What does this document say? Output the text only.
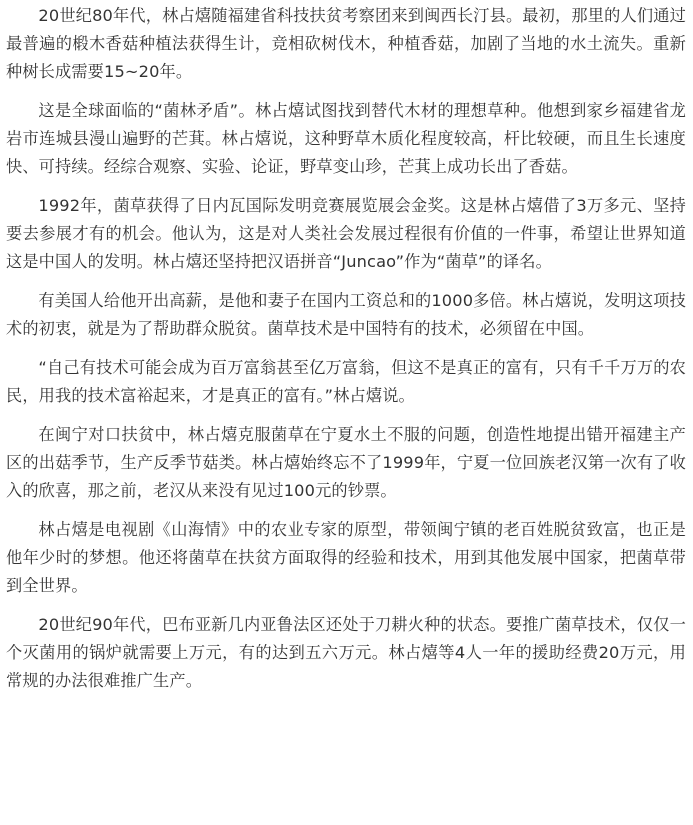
20世纪80年代，林占熺随福建省科技扶贫考察团来到闽西长汀县。最初，那里的人们通过最普遍的椴木香菇种植法获得生计，竞相砍树伐木，种植香菇，加剧了当地的水土流失。重新种树长成需要15~20年。

这是全球面临的“菌林矛盾”。林占熺试图找到替代木材的理想草种。他想到家乡福建省龙岩市连城县漫山遍野的芒萁。林占熺说，这种野草木质化程度较高，杆比较硬，而且生长速度快、可持续。经综合观察、实验、论证，野草变山珍，芒萁上成功长出了香菇。

1992年，菌草获得了日内瓦国际发明竞赛展览展会金奖。这是林占熺借了3万多元、坚持要去参展才有的机会。他认为，这是对人类社会发展过程很有价值的一件事，希望让世界知道这是中国人的发明。林占熺还坚持把汉语拼音“Juncao”作为“菌草”的译名。

有美国人给他开出高薪，是他和妻子在国内工资总和的1000多倍。林占熺说，发明这项技术的初衷，就是为了帮助群众脱贫。菌草技术是中国特有的技术，必须留在中国。

“自己有技术可能会成为百万富翁甚至亿万富翁，但这不是真正的富有，只有千千万万的农民，用我的技术富裕起来，才是真正的富有。”林占熺说。

在闽宁对口扶贫中，林占熺克服菌草在宁夏水土不服的问题，创造性地提出错开福建主产区的出菇季节，生产反季节菇类。林占熺始终忘不了1999年，宁夏一位回族老汉第一次有了收入的欣喜，那之前，老汉从来没有见过100元的钞票。

林占熺是电视剧《山海情》中的农业专家的原型，带领闽宁镇的老百姓脱贫致富，也正是他年少时的梦想。他还将菌草在扶贫方面取得的经验和技术，用到其他发展中国家，把菌草带到全世界。

20世纪90年代，巴布亚新几内亚鲁法区还处于刀耕火种的状态。要推广菌草技术，仅仅一个灭菌用的锅炉就需要上万元，有的达到五六万元。林占熺等4人一年的援助经费20万元，用常规的办法很难推广生产。
